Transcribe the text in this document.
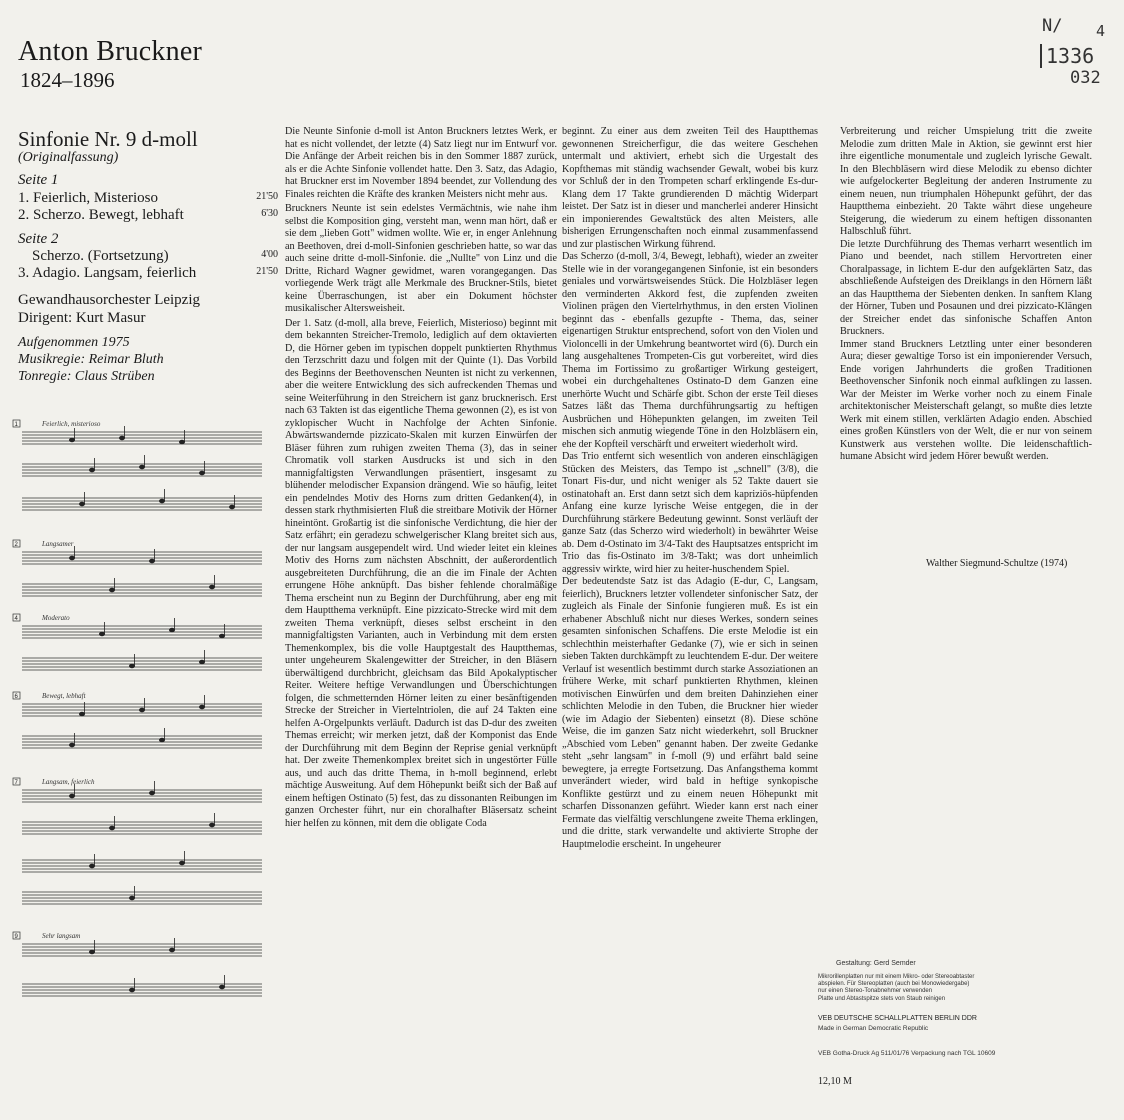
Anton Bruckner
1824–1896
N/ 4
1336
032
Sinfonie Nr. 9 d-moll
(Originalfassung)
Seite 1
1. Feierlich, Misterioso	21'50
2. Scherzo. Bewegt, lebhaft	6'30
Seite 2
Scherzo. (Fortsetzung)	4'00
3. Adagio. Langsam, feierlich	21'50
Gewandhausorchester Leipzig
Dirigent: Kurt Masur
Aufgenommen 1975
Musikregie: Reimar Bluth
Tonregie: Claus Strüben
1	Feierlich, misterioso
2	Langsamer
4	Moderato
6	Bewegt, lebhaft
7	Langsam, feierlich
9	Sehr langsam

Die Neunte Sinfonie d-moll ist Anton Bruckners letztes Werk, er hat es nicht vollendet, der letzte (4) Satz liegt nur im Entwurf vor. Die Anfänge der Arbeit reichen bis in den Sommer 1887 zurück, als er die Achte Sinfonie vollendet hatte. Den 3. Satz, das Adagio, hat Bruckner erst im November 1894 beendet, zur Vollendung des Finales reichten die Kräfte des kranken Meisters nicht mehr aus.

Bruckners Neunte ist sein edelstes Vermächtnis, wie nahe ihm selbst die Komposition ging, versteht man, wenn man hört, daß er sie dem „lieben Gott" widmen wollte. Wie er, in enger Anlehnung an Beethoven, drei d-moll-Sinfonien geschrieben hatte, so war das auch seine dritte d-moll-Sinfonie. die „Nullte" von Linz und die Dritte, Richard Wagner gewidmet, waren vorangegangen. Das vorliegende Werk trägt alle Merkmale des Bruckner-Stils, bietet keine Überraschungen, ist aber ein Dokument höchster musikalischer Altersweisheit.

Der 1. Satz (d-moll, alla breve, Feierlich, Misterioso) beginnt mit dem bekannten Streicher-Tremolo, lediglich auf dem oktavierten D, die Hörner geben im typischen doppelt punktierten Rhythmus den Terzschritt dazu und folgen mit der Quinte (1). Das Vorbild des Beginns der Beethovenschen Neunten ist nicht zu verkennen, aber die weitere Entwicklung des sich aufreckenden Themas und seine Weiterführung in den Streichern ist ganz brucknerisch. Erst nach 63 Takten ist das eigentliche Thema gewonnen (2), es ist von zyklopischer Wucht in Nachfolge der Achten Sinfonie. Abwärtswandernde pizzicato-Skalen mit kurzen Einwürfen der Bläser führen zum ruhigen zweiten Thema (3), das in seiner Chromatik voll starken Ausdrucks ist und sich in den mannigfaltigsten Verwandlungen präsentiert, insgesamt zu blühender melodischer Expansion drängend. Wie so häufig, leitet ein pendelndes Motiv des Horns zum dritten Gedanken(4), in dessen stark rhythmisierten Fluß die streitbare Motivik der Hörner hineintönt. Großartig ist die sinfonische Verdichtung, die hier der Satz erfährt; ein geradezu schwelgerischer Klang breitet sich aus, der nur langsam ausgependelt wird. Und wieder leitet ein kleines Motiv des Horns zum nächsten Abschnitt, der außerordentlich ausgebreiteten Durchführung, die an die im Finale der Achten errungene Höhe anknüpft. Das bisher fehlende choralmäßige Thema erscheint nun zu Beginn der Durchführung, aber eng mit dem Hauptthema verknüpft. Eine pizzicato-Strecke wird mit dem zweiten Thema verknüpft, dieses selbst erscheint in den mannigfaltigsten Varianten, auch in Verbindung mit dem ersten Themenkomplex, bis die volle Hauptgestalt des Hauptthemas, unter ungeheurem Skalengewitter der Streicher, in den Bläsern überwältigend durchbricht, gleichsam das Bild Apokalyptischer Reiter. Weitere heftige Verwandlungen und Überschichtungen folgen, die schmetternden Hörner leiten zu einer besänftigenden Strecke der Streicher in Viertelntriolen, die auf 24 Takten eine helfen A-Orgelpunkts verläuft. Dadurch ist das D-dur des zweiten Themas erreicht; wir merken jetzt, daß der Komponist das Ende der Durchführung mit dem Beginn der Reprise genial verknüpft hat. Der zweite Themenkomplex breitet sich in ungestörter Fülle aus, und auch das dritte Thema, in h-moll beginnend, erlebt mächtige Ausweitung. Auf dem Höhepunkt beißt sich der Baß auf einem heftigen Ostinato (5) fest, das zu dissonanten Reibungen im ganzen Orchester führt, nur ein choralhafter Bläsersatz scheint hier helfen zu können, mit dem die obligate Coda

beginnt. Zu einer aus dem zweiten Teil des Hauptthemas gewonnenen Streicherfigur, die das weitere Geschehen untermalt und aktiviert, erhebt sich die Urgestalt des Kopfthemas mit ständig wachsender Gewalt, wobei bis kurz vor Schluß der in den Trompeten scharf erklingende Es-dur-Klang dem 17 Takte grundierenden D mächtig Widerpart leistet. Der Satz ist in dieser und mancherlei anderer Hinsicht ein imponierendes Gewaltstück des alten Meisters, alle bisherigen Errungenschaften noch einmal zusammenfassend und zur plastischen Wirkung führend.

Das Scherzo (d-moll, 3/4, Bewegt, lebhaft), wieder an zweiter Stelle wie in der vorangegangenen Sinfonie, ist ein besonders geniales und vorwärtsweisendes Stück. Die Holzbläser legen den verminderten Akkord fest, die zupfenden zweiten Violinen prägen den Viertelrhythmus, in den ersten Violinen beginnt das - ebenfalls gezupfte - Thema, das, seiner eigenartigen Struktur entsprechend, sofort von den Violen und Violoncelli in der Umkehrung beantwortet wird (6). Durch ein lang ausgehaltenes Trompeten-Cis gut vorbereitet, wird dies Thema im Fortissimo zu großartiger Wirkung gesteigert, wobei ein durchgehaltenes Ostinato-D dem Ganzen eine unerhörte Wucht und Schärfe gibt. Schon der erste Teil dieses Satzes läßt das Thema durchführungsartig zu heftigen Ausbrüchen und Höhepunkten gelangen, im zweiten Teil mischen sich anmutig wiegende Töne in den Holzbläsern ein, ehe der Kopfteil verschärft und erweitert wiederholt wird.

Das Trio entfernt sich wesentlich von anderen einschlägigen Stücken des Meisters, das Tempo ist „schnell" (3/8), die Tonart Fis-dur, und nicht weniger als 52 Takte dauert sie ostinatohaft an. Erst dann setzt sich dem kapriziös-hüpfenden Anfang eine kurze lyrische Weise entgegen, die in der Durchführung stärkere Bedeutung gewinnt. Sonst verläuft der ganze Satz (das Scherzo wird wiederholt) in bewährter Weise ab. Dem d-Ostinato im 3/4-Takt des Hauptsatzes entspricht im Trio das fis-Ostinato im 3/8-Takt; was dort unheimlich aggressiv wirkte, wird hier zu heiter-huschendem Spiel.

Der bedeutendste Satz ist das Adagio (E-dur, C, Langsam, feierlich), Bruckners letzter vollendeter sinfonischer Satz, der zugleich als Finale der Sinfonie fungieren muß. Es ist ein erhabener Abschluß nicht nur dieses Werkes, sondern seines gesamten sinfonischen Schaffens. Die erste Melodie ist ein schlechthin meisterhafter Gedanke (7), wie er sich in seinen sieben Takten durchkämpft zu leuchtendem E-dur. Der weitere Verlauf ist wesentlich bestimmt durch starke Assoziationen an frühere Werke, mit scharf punktierten Rhythmen, kleinen motivischen Einwürfen und dem breiten Dahinziehen einer schlichten Melodie in den Tuben, die Bruckner hier wieder (wie im Adagio der Siebenten) einsetzt (8). Diese schöne Weise, die im ganzen Satz nicht wiederkehrt, soll Bruckner „Abschied vom Leben" genannt haben. Der zweite Gedanke steht „sehr langsam" in f-moll (9) und erfährt bald seine bewegtere, ja erregte Fortsetzung. Das Anfangsthema kommt unverändert wieder, wird bald in heftige synkopische Konflikte gestürzt und zu einem neuen Höhepunkt mit scharfen Dissonanzen geführt. Wieder kann erst nach einer Fermate das vielfältig verschlungene zweite Thema erklingen, und die dritte, stark verwandelte und aktivierte Strophe der Hauptmelodie erscheint. In ungeheurer

Verbreiterung und reicher Umspielung tritt die zweite Melodie zum dritten Male in Aktion, sie gewinnt erst hier ihre eigentliche monumentale und zugleich lyrische Gewalt. In den Blechbläsern wird diese Melodik zu ebenso dichter wie aufgelockerter Begleitung der anderen Instrumente zu einem neuen, nun triumphalen Höhepunkt geführt, der das Hauptthema einbezieht. 20 Takte währt diese ungeheure Steigerung, die wiederum zu einem heftigen dissonanten Halbschluß führt.

Die letzte Durchführung des Themas verharrt wesentlich im Piano und beendet, nach stillem Hervortreten einer Choralpassage, in lichtem E-dur den aufgeklärten Satz, das abschließende Aufsteigen des Dreiklangs in den Hörnern läßt an das Hauptthema der Siebenten denken. In sanftem Klang der Hörner, Tuben und Posaunen und drei pizzicato-Klängen der Streicher endet das sinfonische Schaffen Anton Bruckners.

Immer stand Bruckners Letztling unter einer besonderen Aura; dieser gewaltige Torso ist ein imponierender Versuch, Ende vorigen Jahrhunderts die großen Traditionen Beethovenscher Sinfonik noch einmal aufklingen zu lassen. War der Meister im Werke vorher noch zu einem Finale architektonischer Meisterschaft gelangt, so mußte dies letzte Werk mit einem stillen, verklärten Adagio enden. Abschied eines großen Künstlers von der Welt, die er nur von seinem Kunstwerk aus verstehen wollte. Die leidenschaftlich-humane Absicht wird jedem Hörer bewußt werden.

Walther Siegmund-Schultze (1974)
Gestaltung: Gerd Semder
Mikrorillenplatten nur mit einem Mikro- oder Stereoabtaster
abspielen. Für Stereoplatten (auch bei Monowiedergabe)
nur einen Stereo-Tonabnehmer verwenden
Platte und Abtastspitze stets von Staub reinigen
VEB DEUTSCHE SCHALLPLATTEN BERLIN DDR
Made in German Democratic Republic
VEB Gotha-Druck Ag 511/01/76 Verpackung nach TGL 10609
12,10 M
